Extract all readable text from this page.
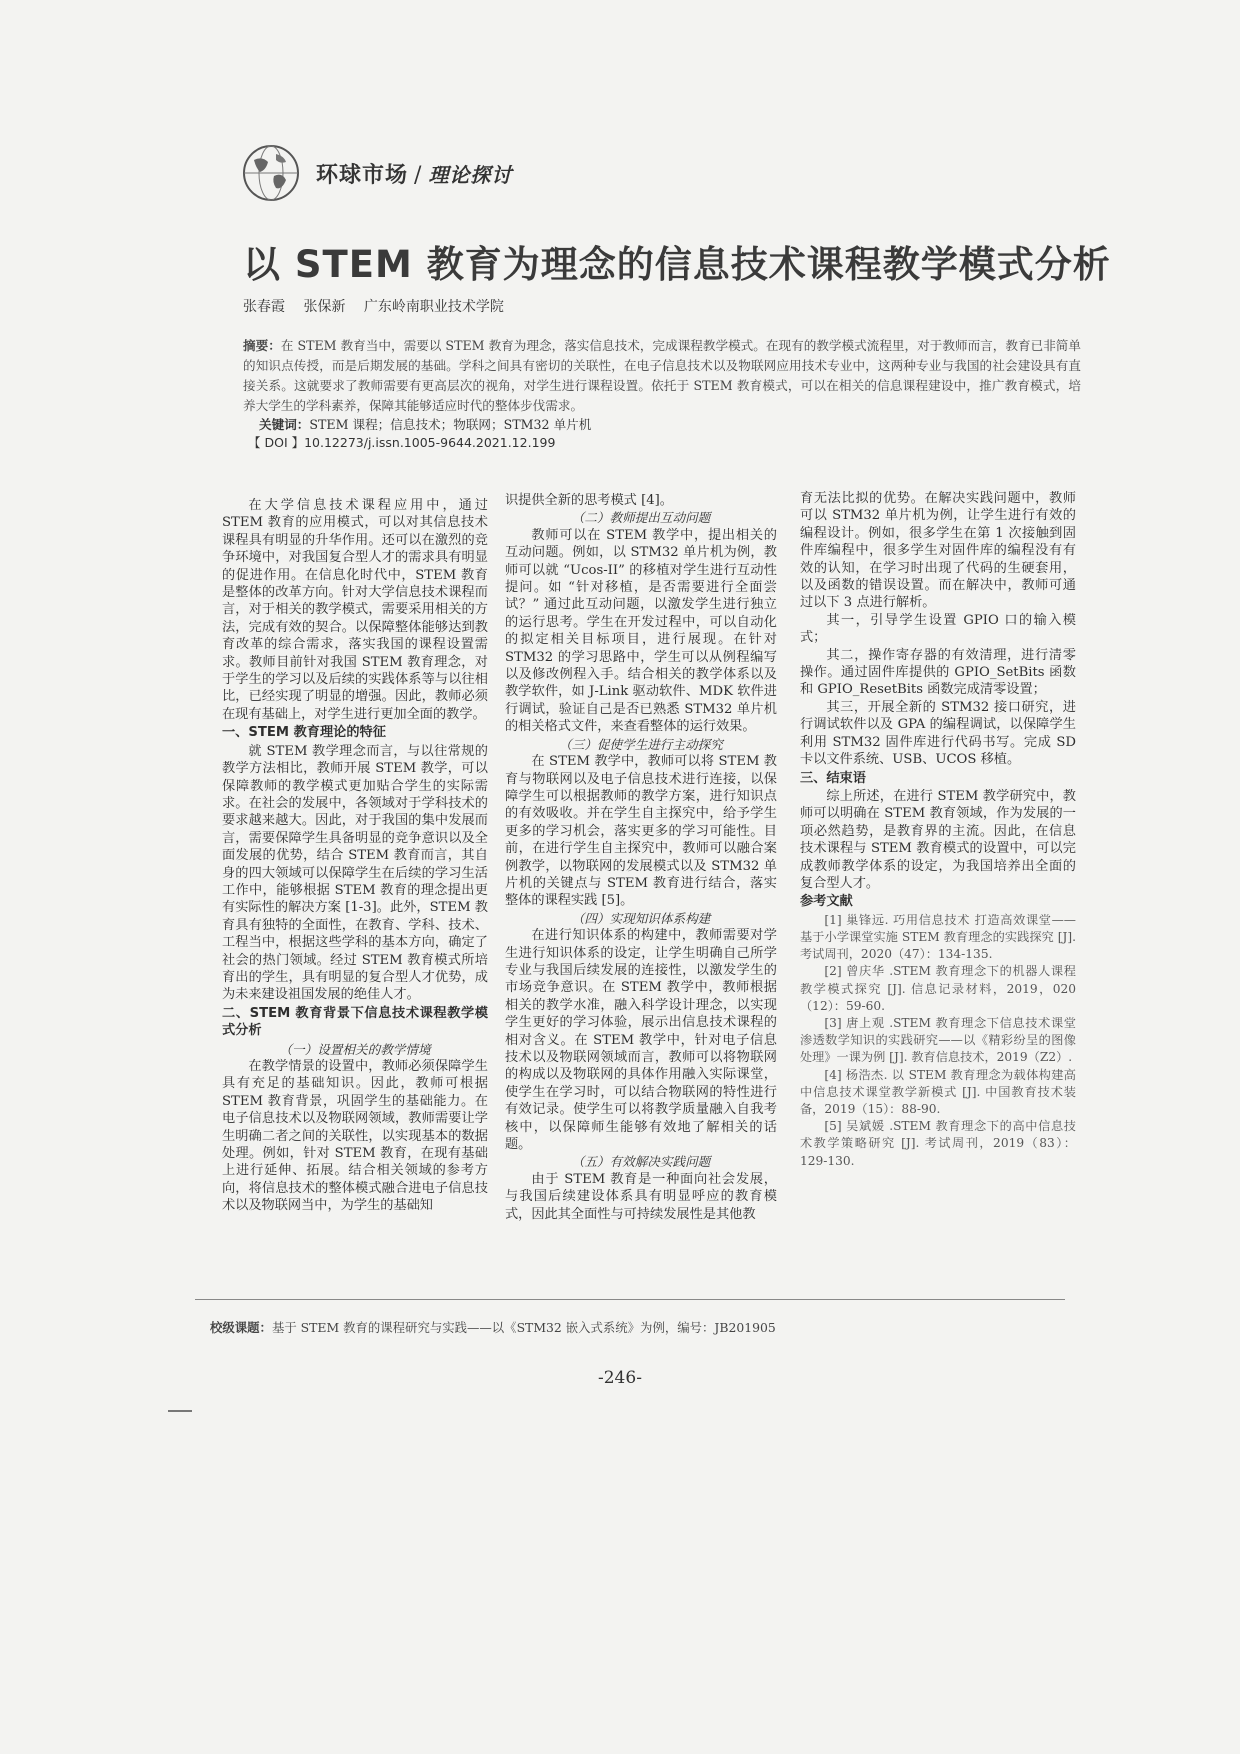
环球市场 / 理论探讨
以 STEM 教育为理念的信息技术课程教学模式分析
张春霞 张保新 广东岭南职业技术学院
摘要：在 STEM 教育当中，需要以 STEM 教育为理念，落实信息技术，完成课程教学模式。在现有的教学模式流程里，对于教师而言，教育已非简单的知识点传授，而是后期发展的基础。学科之间具有密切的关联性，在电子信息技术以及物联网应用技术专业中，这两种专业与我国的社会建设具有直接关系。这就要求了教师需要有更高层次的视角，对学生进行课程设置。依托于 STEM 教育模式，可以在相关的信息课程建设中，推广教育模式，培养大学生的学科素养，保障其能够适应时代的整体步伐需求。
关键词：STEM 课程；信息技术；物联网；STM32 单片机
【 DOI 】10.12273/j.issn.1005-9644.2021.12.199

在大学信息技术课程应用中，通过 STEM 教育的应用模式，可以对其信息技术课程具有明显的升华作用。还可以在激烈的竞争环境中，对我国复合型人才的需求具有明显的促进作用。在信息化时代中，STEM 教育是整体的改革方向。针对大学信息技术课程而言，对于相关的教学模式，需要采用相关的方法，完成有效的契合。以保障整体能够达到教育改革的综合需求，落实我国的课程设置需求。教师目前针对我国 STEM 教育理念，对于学生的学习以及后续的实践体系等与以往相比，已经实现了明显的增强。因此，教师必须在现有基础上，对学生进行更加全面的教学。

一、STEM 教育理论的特征

就 STEM 教学理念而言，与以往常规的教学方法相比，教师开展 STEM 教学，可以保障教师的教学模式更加贴合学生的实际需求。在社会的发展中，各领域对于学科技术的要求越来越大。因此，对于我国的集中发展而言，需要保障学生具备明显的竞争意识以及全面发展的优势，结合 STEM 教育而言，其自身的四大领域可以保障学生在后续的学习生活工作中，能够根据 STEM 教育的理念提出更有实际性的解决方案 [1-3]。此外，STEM 教育具有独特的全面性，在教育、学科、技术、工程当中，根据这些学科的基本方向，确定了社会的热门领域。经过 STEM 教育模式所培育出的学生，具有明显的复合型人才优势，成为未来建设祖国发展的绝佳人才。

二、STEM 教育背景下信息技术课程教学模式分析

（一）设置相关的教学情境

在教学情景的设置中，教师必须保障学生具有充足的基础知识。因此，教师可根据 STEM 教育背景，巩固学生的基础能力。在电子信息技术以及物联网领域，教师需要让学生明确二者之间的关联性，以实现基本的数据处理。例如，针对 STEM 教育，在现有基础上进行延伸、拓展。结合相关领域的参考方向，将信息技术的整体模式融合进电子信息技术以及物联网当中，为学生的基础知

识提供全新的思考模式 [4]。

（二）教师提出互动问题

教师可以在 STEM 教学中，提出相关的互动问题。例如，以 STM32 单片机为例，教师可以就 “Ucos-II” 的移植对学生进行互动性提问。如 “针对移植，是否需要进行全面尝试？” 通过此互动问题，以激发学生进行独立的运行思考。学生在开发过程中，可以自动化的拟定相关目标项目，进行展现。在针对 STM32 的学习思路中，学生可以从例程编写以及修改例程入手。结合相关的教学体系以及教学软件，如 J-Link 驱动软件、MDK 软件进行调试，验证自己是否已熟悉 STM32 单片机的相关格式文件，来查看整体的运行效果。

（三）促使学生进行主动探究

在 STEM 教学中，教师可以将 STEM 教育与物联网以及电子信息技术进行连接，以保障学生可以根据教师的教学方案，进行知识点的有效吸收。并在学生自主探究中，给予学生更多的学习机会，落实更多的学习可能性。目前，在进行学生自主探究中，教师可以融合案例教学，以物联网的发展模式以及 STM32 单片机的关键点与 STEM 教育进行结合，落实整体的课程实践 [5]。

（四）实现知识体系构建

在进行知识体系的构建中，教师需要对学生进行知识体系的设定，让学生明确自己所学专业与我国后续发展的连接性，以激发学生的市场竞争意识。在 STEM 教学中，教师根据相关的教学水准，融入科学设计理念，以实现学生更好的学习体验，展示出信息技术课程的相对含义。在 STEM 教学中，针对电子信息技术以及物联网领域而言，教师可以将物联网的构成以及物联网的具体作用融入实际课堂，使学生在学习时，可以结合物联网的特性进行有效记录。使学生可以将教学质量融入自我考核中，以保障师生能够有效地了解相关的话题。

（五）有效解决实践问题

由于 STEM 教育是一种面向社会发展，与我国后续建设体系具有明显呼应的教育模式，因此其全面性与可持续发展性是其他教

育无法比拟的优势。在解决实践问题中，教师可以 STM32 单片机为例，让学生进行有效的编程设计。例如，很多学生在第 1 次接触到固件库编程中，很多学生对固件库的编程没有有效的认知，在学习时出现了代码的生硬套用，以及函数的错误设置。而在解决中，教师可通过以下 3 点进行解析。

其一，引导学生设置 GPIO 口的输入模式；

其二，操作寄存器的有效清理，进行清零操作。通过固件库提供的 GPIO_SetBits 函数和 GPIO_ResetBits 函数完成清零设置；

其三，开展全新的 STM32 接口研究，进行调试软件以及 GPA 的编程调试，以保障学生利用 STM32 固件库进行代码书写。完成 SD 卡以文件系统、USB、UCOS 移植。

三、结束语

综上所述，在进行 STEM 教学研究中，教师可以明确在 STEM 教育领域，作为发展的一项必然趋势，是教育界的主流。因此，在信息技术课程与 STEM 教育模式的设置中，可以完成教师教学体系的设定，为我国培养出全面的复合型人才。

参考文献

[1] 巢锋远. 巧用信息技术 打造高效课堂——基于小学课堂实施 STEM 教育理念的实践探究 [J]. 考试周刊，2020（47）：134-135.

[2] 曾庆华 .STEM 教育理念下的机器人课程教学模式探究 [J]. 信息记录材料，2019，020（12）：59-60.

[3] 唐上观 .STEM 教育理念下信息技术课堂渗透数学知识的实践研究——以《精彩纷呈的图像处理》一课为例 [J]. 教育信息技术，2019（Z2）.

[4] 杨浩杰. 以 STEM 教育理念为载体构建高中信息技术课堂教学新模式 [J]. 中国教育技术装备，2019（15）：88-90.

[5] 吴斌媛 .STEM 教育理念下的高中信息技术教学策略研究 [J]. 考试周刊，2019（83）：129-130.

校级课题：基于 STEM 教育的课程研究与实践——以《STM32 嵌入式系统》为例，编号：JB201905
-246-
